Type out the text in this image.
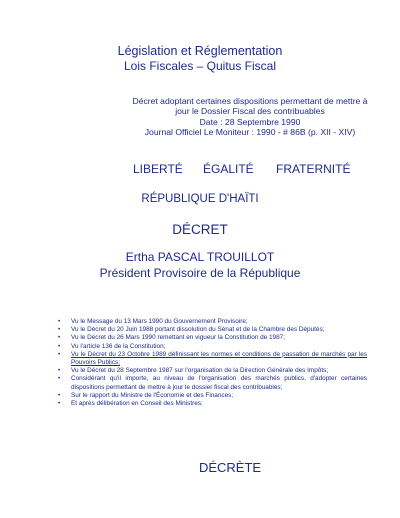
Législation et Réglementation
Lois Fiscales – Quitus Fiscal
Décret adoptant certaines dispositions permettant de mettre à
jour le Dossier Fiscal des contribuables
Date : 28 Septembre 1990
Journal Officiel Le Moniteur : 1990 - # 86B (p. XII - XIV)
LIBERTÉ ÉGALITÉ FRATERNITÉ
RÉPUBLIQUE D'HAÏTI
DÉCRET
Ertha PASCAL TROUILLOT
Président Provisoire de la République
• Vu le Message du 13 Mars 1990 du Gouvernement Provisoire;
• Vu le Décret du 20 Juin 1988 portant dissolution du Sénat et de la Chambre des Députés;
• Vu le Décret du 26 Mars 1990 remettant en vigueur la Constitution de 1987;
• Vu l'article 136 de la Constitution;
• Vu le Décret du 23 Octobre 1989 définissant les normes et conditions de passation de marchés par les Pouvoirs Publics;
• Vu le Décret du 28 Septembre 1987 sur l'organisation de la Direction Générale des Impôts;
• Considérant qu'il importe, au niveau de l'organisation des marchés publics, d'adopter certaines dispositions permettant de mettre à jour le dossier fiscal des contribuables;
• Sur le rapport du Ministre de l'Économie et des Finances;
• Et après délibération en Conseil des Ministres;
DÉCRÈTE
